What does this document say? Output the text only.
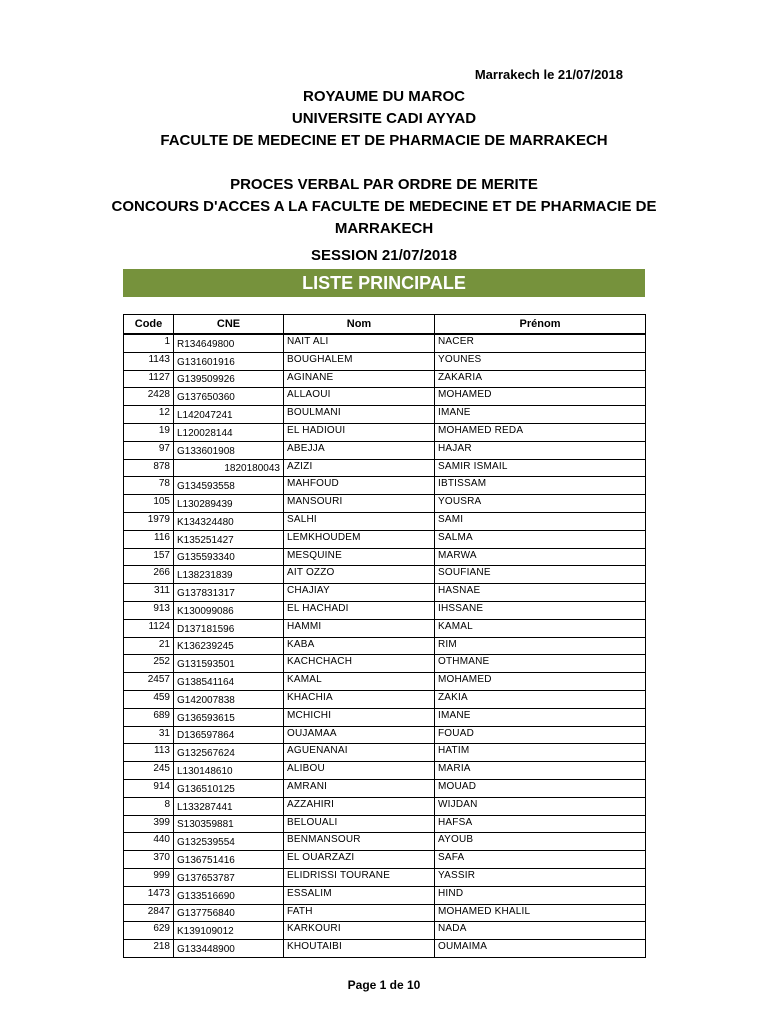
Marrakech le 21/07/2018
ROYAUME DU MAROC
UNIVERSITE CADI AYYAD
FACULTE DE MEDECINE ET DE PHARMACIE DE MARRAKECH
PROCES VERBAL PAR ORDRE DE MERITE
CONCOURS D'ACCES A LA FACULTE DE MEDECINE ET DE PHARMACIE DE MARRAKECH
SESSION 21/07/2018
LISTE PRINCIPALE
Code	CNE	Nom	Prénom
1	R134649800	NAIT ALI	NACER
1143	G131601916	BOUGHALEM	YOUNES
1127	G139509926	AGINANE	ZAKARIA
2428	G137650360	ALLAOUI	MOHAMED
12	L142047241	BOULMANI	IMANE
19	L120028144	EL HADIOUI	MOHAMED REDA
97	G133601908	ABEJJA	HAJAR
878	1820180043	AZIZI	SAMIR ISMAIL
78	G134593558	MAHFOUD	IBTISSAM
105	L130289439	MANSOURI	YOUSRA
1979	K134324480	SALHI	SAMI
116	K135251427	LEMKHOUDEM	SALMA
157	G135593340	MESQUINE	MARWA
266	L138231839	AIT OZZO	SOUFIANE
311	G137831317	CHAJIAY	HASNAE
913	K130099086	EL HACHADI	IHSSANE
1124	D137181596	HAMMI	KAMAL
21	K136239245	KABA	RIM
252	G131593501	KACHCHACH	OTHMANE
2457	G138541164	KAMAL	MOHAMED
459	G142007838	KHACHIA	ZAKIA
689	G136593615	MCHICHI	IMANE
31	D136597864	OUJAMAA	FOUAD
113	G132567624	AGUENANAI	HATIM
245	L130148610	ALIBOU	MARIA
914	G136510125	AMRANI	MOUAD
8	L133287441	AZZAHIRI	WIJDAN
399	S130359881	BELOUALI	HAFSA
440	G132539554	BENMANSOUR	AYOUB
370	G136751416	EL OUARZAZI	SAFA
999	G137653787	ELIDRISSI TOURANE	YASSIR
1473	G133516690	ESSALIM	HIND
2847	G137756840	FATH	MOHAMED KHALIL
629	K139109012	KARKOURI	NADA
218	G133448900	KHOUTAIBI	OUMAIMA
Page 1 de 10
